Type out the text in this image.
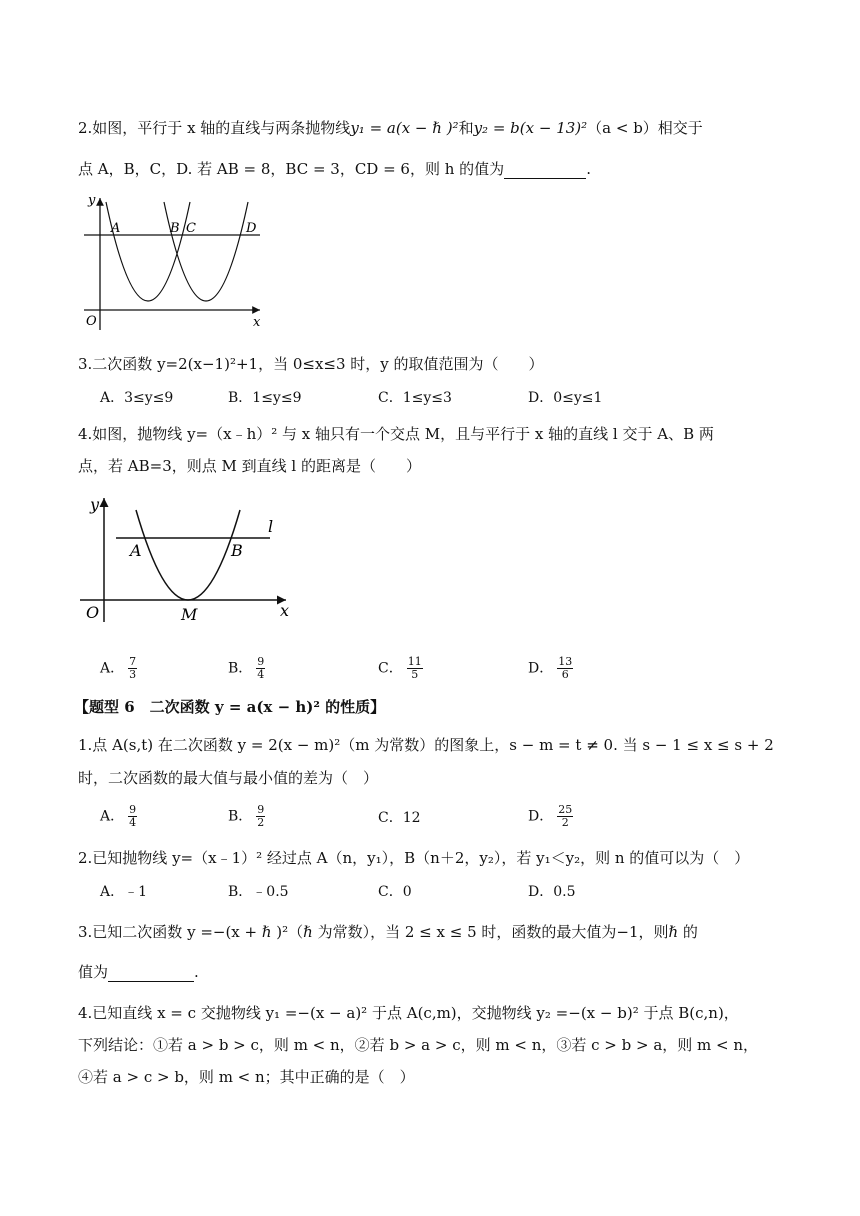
2.如图，平行于 x 轴的直线与两条抛物线y₁ = a(x − ℏ )²和y₂ = b(x − 13)²（a < b）相交于
点 A，B，C，D. 若 AB = 8，BC = 3，CD = 6，则 h 的值为	.
y
x
O
A	B C	D
3.二次函数 y=2(x−1)²+1，当 0≤x≤3 时，y 的取值范围为（　　）
A．3≤y≤9	B．1≤y≤9	C．1≤y≤3	D．0≤y≤1
4.如图，抛物线 y=（x﹣h）² 与 x 轴只有一个交点 M，且与平行于 x 轴的直线 l 交于 A、B 两
点，若 AB=3，则点 M 到直线 l 的距离是（　　）
y
x
O
A	B
M
l
A． $\frac{7}{3}$	B． $\frac{9}{4}$	C． $\frac{11}{5}$	D． $\frac{13}{6}$
【题型 6　二次函数 y = a(x − h)² 的性质】
1.点 A(s,t) 在二次函数 y = 2(x − m)²（m 为常数）的图象上，s − m = t ≠ 0. 当 s − 1 ≤ x ≤ s + 2
时，二次函数的最大值与最小值的差为（　）
A． $\frac{9}{4}$	B． $\frac{9}{2}$	C．12	D． $\frac{25}{2}$
2.已知抛物线 y=（x﹣1）² 经过点 A（n，y₁），B（n＋2，y₂），若 y₁＜y₂，则 n 的值可以为（　）
A．﹣1	B．﹣0.5	C．0	D．0.5
3.已知二次函数 y =−(x + ℏ )²（ℏ 为常数），当 2 ≤ x ≤ 5 时，函数的最大值为−1，则ℏ 的
值为	.
4.已知直线 x = c 交抛物线 y₁ =−(x − a)² 于点 A(c,m)，交抛物线 y₂ =−(x − b)² 于点 B(c,n)，
下列结论：①若 a > b > c，则 m < n，②若 b > a > c，则 m < n，③若 c > b > a，则 m < n，
④若 a > c > b，则 m < n；其中正确的是（　）
